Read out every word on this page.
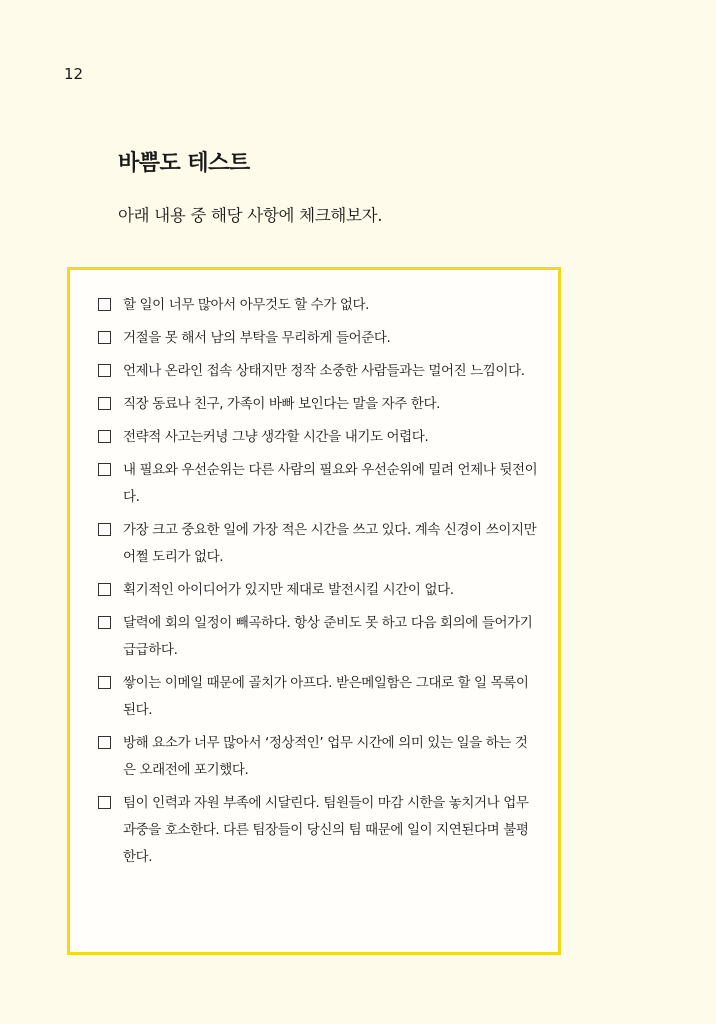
12
바쁨도 테스트
아래 내용 중 해당 사항에 체크해보자.
할 일이 너무 많아서 아무것도 할 수가 없다.
거절을 못 해서 남의 부탁을 무리하게 들어준다.
언제나 온라인 접속 상태지만 정작 소중한 사람들과는 멀어진 느낌이다.
직장 동료나 친구, 가족이 바빠 보인다는 말을 자주 한다.
전략적 사고는커녕 그냥 생각할 시간을 내기도 어렵다.
내 필요와 우선순위는 다른 사람의 필요와 우선순위에 밀려 언제나 뒷전이다.
가장 크고 중요한 일에 가장 적은 시간을 쓰고 있다. 계속 신경이 쓰이지만 어쩔 도리가 없다.
획기적인 아이디어가 있지만 제대로 발전시킬 시간이 없다.
달력에 회의 일정이 빼곡하다. 항상 준비도 못 하고 다음 회의에 들어가기 급급하다.
쌓이는 이메일 때문에 골치가 아프다. 받은메일함은 그대로 할 일 목록이 된다.
방해 요소가 너무 많아서 ‘정상적인’ 업무 시간에 의미 있는 일을 하는 것은 오래전에 포기했다.
팀이 인력과 자원 부족에 시달린다. 팀원들이 마감 시한을 놓치거나 업무 과중을 호소한다. 다른 팀장들이 당신의 팀 때문에 일이 지연된다며 불평한다.
